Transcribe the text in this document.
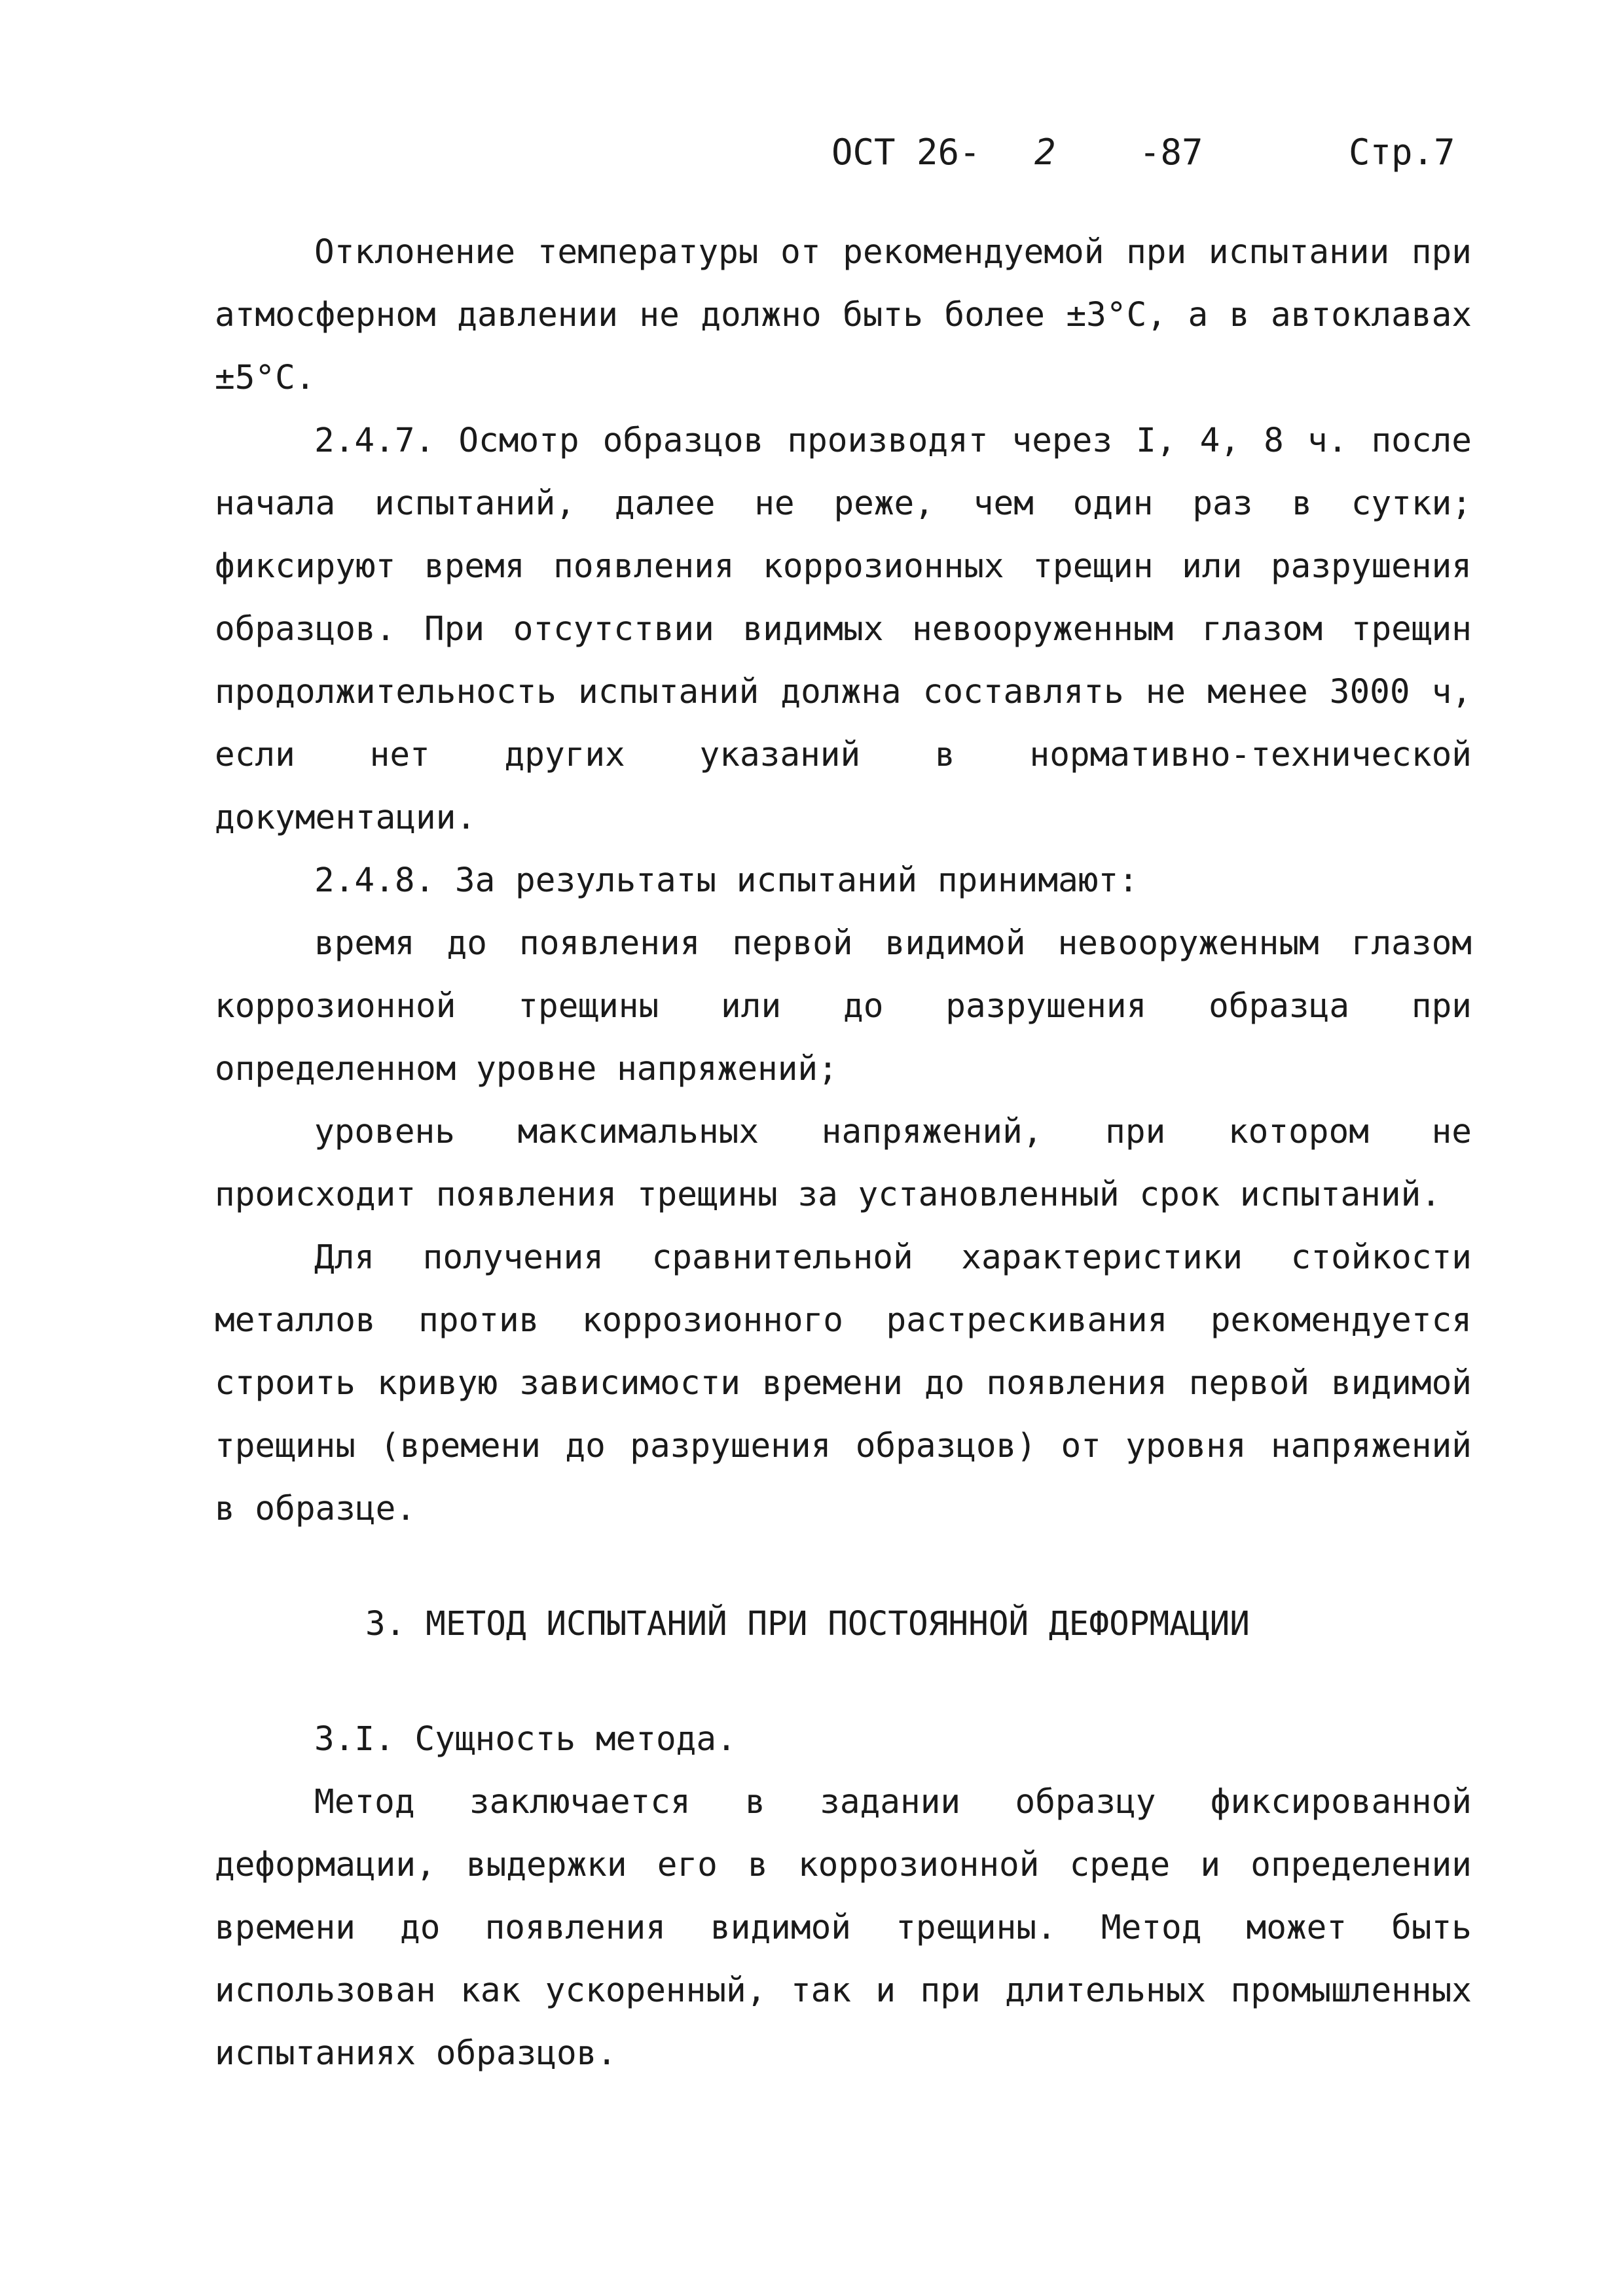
ОСТ 26- 2 -87	Стр.7

Отклонение температуры от рекомендуемой при испытании при атмосферном давлении не должно быть более ±3°С, а в автоклавах ±5°С.

2.4.7. Осмотр образцов производят через I, 4, 8 ч. после начала испытаний, далее не реже, чем один раз в сутки; фиксируют время появления коррозионных трещин или разрушения образцов. При отсутствии видимых невооруженным глазом трещин продолжительность испытаний должна составлять не менее 3000 ч, если нет других указаний в нормативно-технической документации.

2.4.8. За результаты испытаний принимают:

время до появления первой видимой невооруженным глазом коррозионной трещины или до разрушения образца при определенном уровне напряжений;

уровень максимальных напряжений, при котором не происходит появления трещины за установленный срок испытаний.

Для получения сравнительной характеристики стойкости металлов против коррозионного растрескивания рекомендуется строить кривую зависимости времени до появления первой видимой трещины (времени до разрушения образцов) от уровня напряжений в образце.

3. МЕТОД ИСПЫТАНИЙ ПРИ ПОСТОЯННОЙ ДЕФОРМАЦИИ

3.I. Сущность метода.

Метод заключается в задании образцу фиксированной деформации, выдержки его в коррозионной среде и определении времени до появления видимой трещины. Метод может быть использован как ускоренный, так и при длительных промышленных испытаниях образцов.
